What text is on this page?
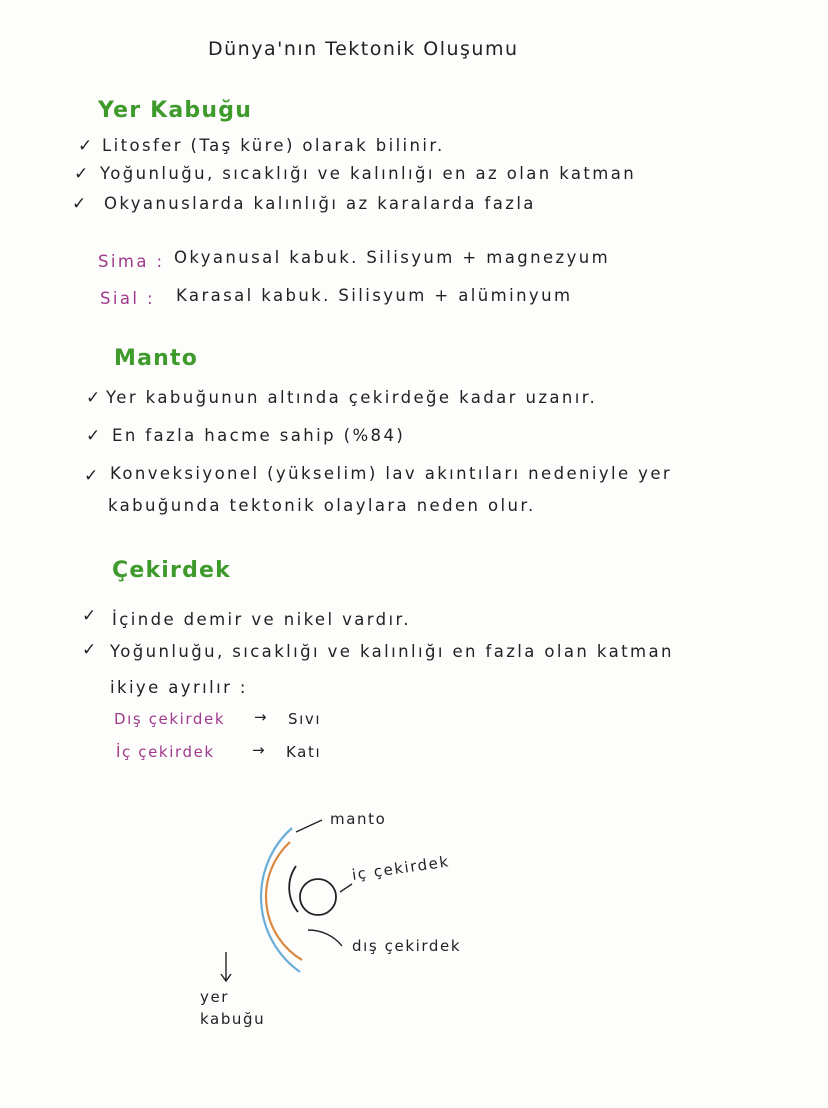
Dünya'nın Tektonik Oluşumu
Yer Kabuğu
✓ Litosfer (Taş küre) olarak bilinir.
✓ Yoğunluğu, sıcaklığı ve kalınlığı en az olan katman
✓ Okyanuslarda kalınlığı az karalarda fazla
Sima : Okyanusal kabuk. Silisyum + magnezyum
Sial : Karasal kabuk. Silisyum + alüminyum
Manto
✓ Yer kabuğunun altında çekirdeğe kadar uzanır.
✓ En fazla hacme sahip (%84)
✓ Konveksiyonel (yükselim) lav akıntıları nedeniyle yer
kabuğunda tektonik olaylara neden olur.
Çekirdek
✓ İçinde demir ve nikel vardır.
✓ Yoğunluğu, sıcaklığı ve kalınlığı en fazla olan katman
ikiye ayrılır :
Dış çekirdek → Sıvı
İç çekirdek → Katı
manto
iç çekirdek
dış çekirdek
yer
kabuğu
